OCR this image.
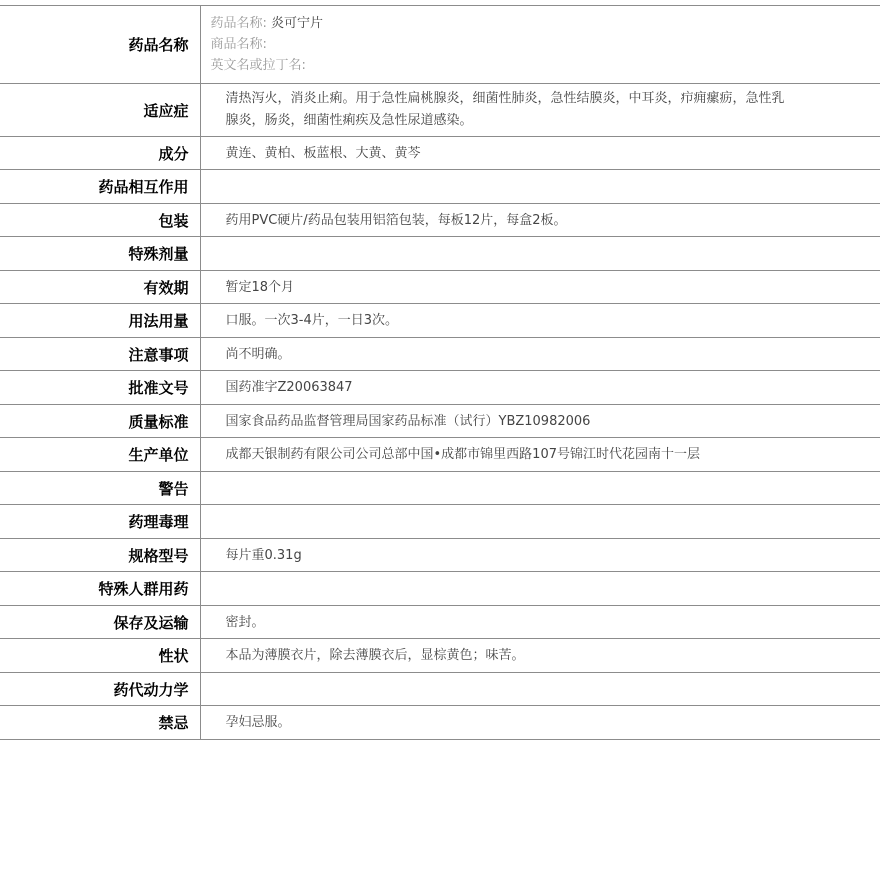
药品名称	药品名称: 炎可宁片
商品名称:
英文名或拉丁名:

适应症	清热泻火，消炎止痢。用于急性扁桃腺炎，细菌性肺炎，急性结膜炎，中耳炎，疖痈瘰疬，急性乳腺炎，肠炎，细菌性痢疾及急性尿道感染。

成分	黄连、黄柏、板蓝根、大黄、黄芩
药品相互作用	
包装	药用PVC硬片/药品包装用铝箔包装，每板12片，每盒2板。
特殊剂量	
有效期	暂定18个月
用法用量	口服。一次3-4片，一日3次。
注意事项	尚不明确。
批准文号	国药准字Z20063847
质量标准	国家食品药品监督管理局国家药品标准（试行）YBZ10982006
生产单位	成都天银制药有限公司公司总部中国•成都市锦里西路107号锦江时代花园南十一层
警告	
药理毒理	
规格型号	每片重0.31g
特殊人群用药	
保存及运输	密封。
性状	本品为薄膜衣片，除去薄膜衣后，显棕黄色；味苦。
药代动力学	
禁忌	孕妇忌服。
